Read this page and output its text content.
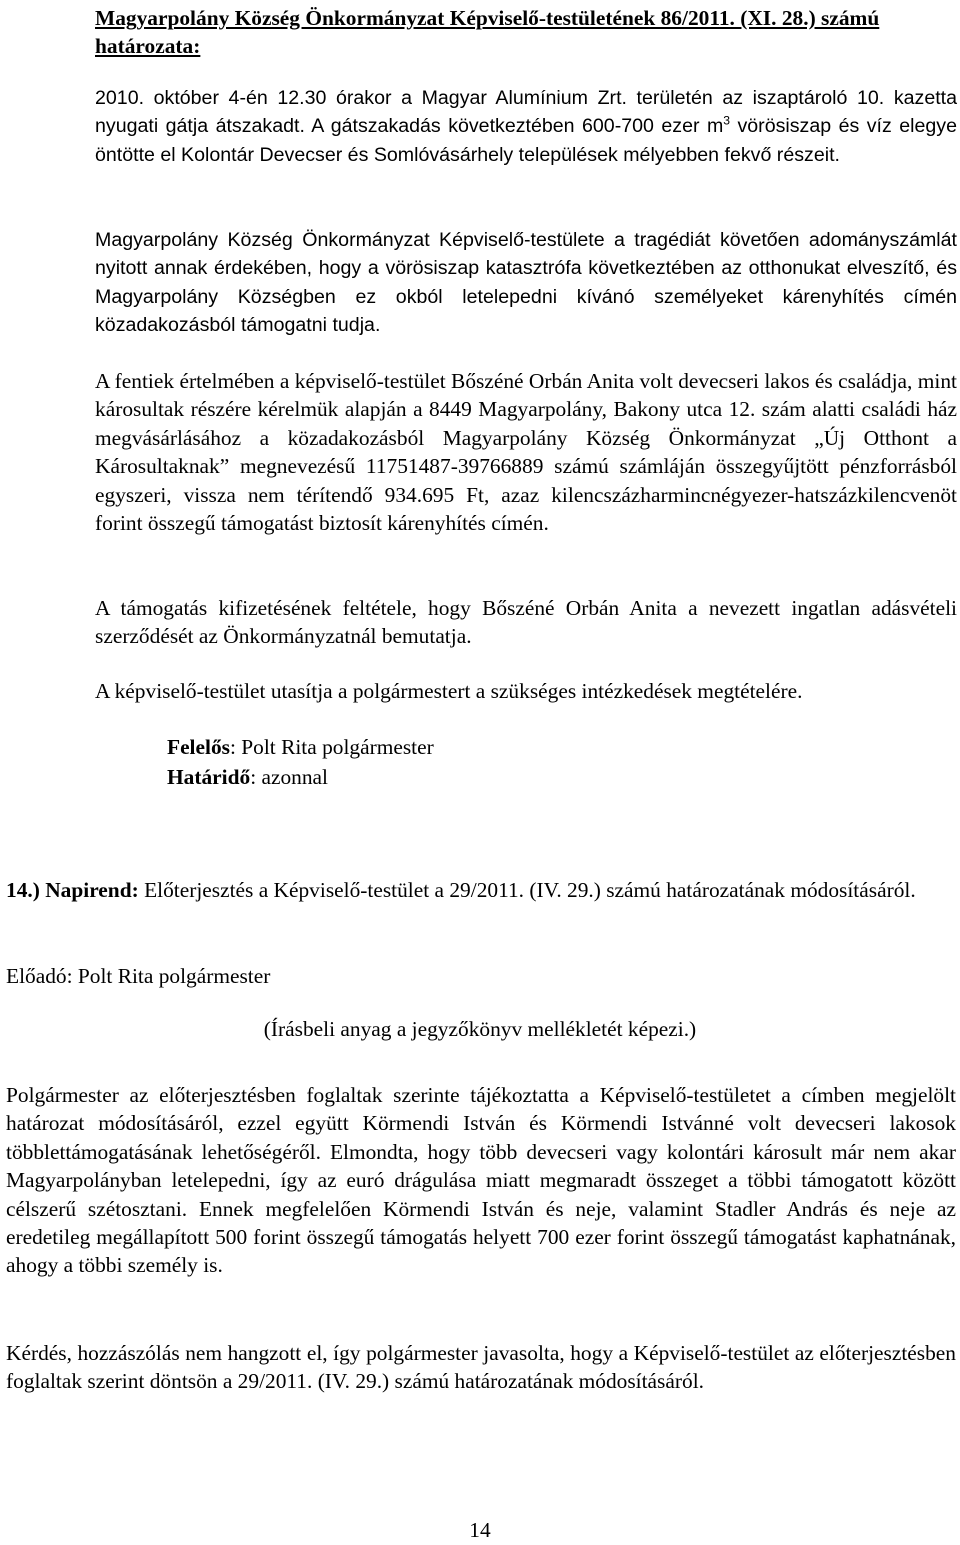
Magyarpolány Község Önkormányzat Képviselő-testületének 86/2011. (XI. 28.) számú határozata:

2010. október 4-én 12.30 órakor a Magyar Alumínium Zrt. területén az iszaptároló 10. kazetta nyugati gátja átszakadt. A gátszakadás következtében 600-700 ezer $m^3$ vörösiszap és víz elegye öntötte el Kolontár Devecser és Somlóvásárhely települések mélyebben fekvő részeit.

Magyarpolány Község Önkormányzat Képviselő-testülete a tragédiát követően adományszámlát nyitott annak érdekében, hogy a vörösiszap katasztrófa következtében az otthonukat elveszítő, és Magyarpolány Községben ez okból letelepedni kívánó személyeket kárenyhítés címén közadakozásból támogatni tudja.

A fentiek értelmében a képviselő-testület Bőszéné Orbán Anita volt devecseri lakos és családja, mint károsultak részére kérelmük alapján a 8449 Magyarpolány, Bakony utca 12. szám alatti családi ház megvásárlásához a közadakozásból Magyarpolány Község Önkormányzat „Új Otthont a Károsultaknak” megnevezésű 11751487-39766889 számú számláján összegyűjtött pénzforrásból egyszeri, vissza nem térítendő 934.695 Ft, azaz kilencszázharmincnégyezer-hatszázkilencvenöt forint összegű támogatást biztosít kárenyhítés címén.

A támogatás kifizetésének feltétele, hogy Bőszéné Orbán Anita a nevezett ingatlan adásvételi szerződését az Önkormányzatnál bemutatja.

A képviselő-testület utasítja a polgármestert a szükséges intézkedések megtételére.

Felelős: Polt Rita polgármester
Határidő: azonnal

14.) Napirend: Előterjesztés a Képviselő-testület a 29/2011. (IV. 29.) számú határozatának módosításáról.

Előadó: Polt Rita polgármester

(Írásbeli anyag a jegyzőkönyv mellékletét képezi.)

Polgármester az előterjesztésben foglaltak szerinte tájékoztatta a Képviselő-testületet a címben megjelölt határozat módosításáról, ezzel együtt Körmendi István és Körmendi Istvánné volt devecseri lakosok többlettámogatásának lehetőségéről. Elmondta, hogy több devecseri vagy kolontári károsult már nem akar Magyarpolányban letelepedni, így az euró drágulása miatt megmaradt összeget a többi támogatott között célszerű szétosztani. Ennek megfelelően Körmendi István és neje, valamint Stadler András és neje az eredetileg megállapított 500 forint összegű támogatás helyett 700 ezer forint összegű támogatást kaphatnának, ahogy a többi személy is.

Kérdés, hozzászólás nem hangzott el, így polgármester javasolta, hogy a Képviselő-testület az előterjesztésben foglaltak szerint döntsön a 29/2011. (IV. 29.) számú határozatának módosításáról.

14
